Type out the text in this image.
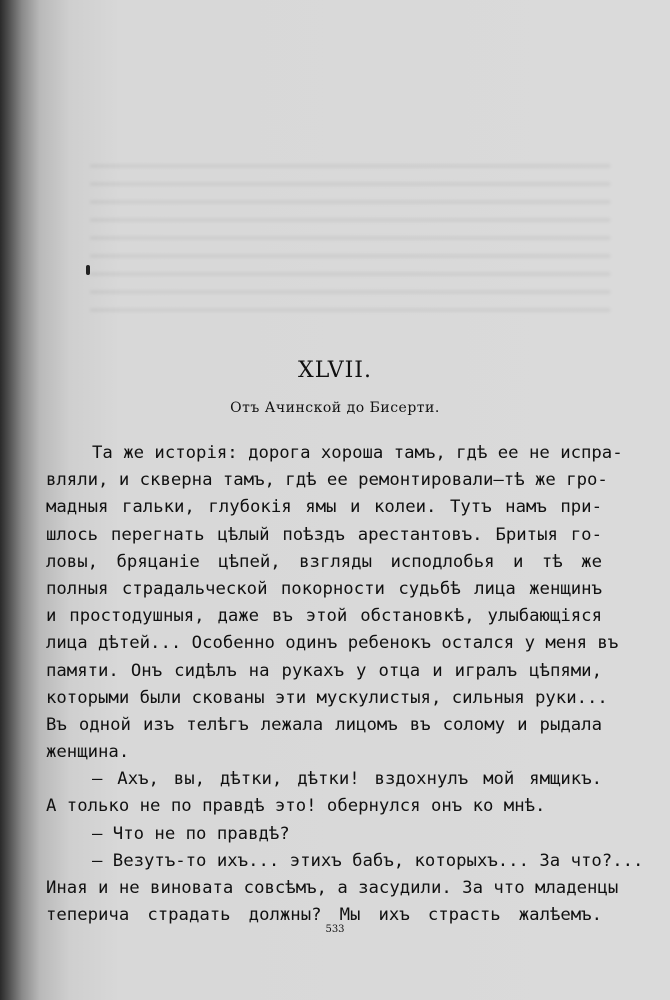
XLVII.
Отъ Ачинской до Бисерти.
Та же исторія: дорога хороша тамъ, гдѣ ее не испра-
вляли, и скверна тамъ, гдѣ ее ремонтировали—тѣ же гро-
мадныя гальки, глубокія ямы и колеи. Тутъ намъ при-
шлось перегнать цѣлый поѣздъ арестантовъ. Бритыя го-
ловы, бряцаніе цѣпей, взгляды исподлобья и тѣ же
полныя страдальческой покорности судьбѣ лица женщинъ
и простодушныя, даже въ этой обстановкѣ, улыбающіяся
лица дѣтей... Особенно одинъ ребенокъ остался у меня въ
памяти. Онъ сидѣлъ на рукахъ у отца и игралъ цѣпями,
которыми были скованы эти мускулистыя, сильныя руки...
Въ одной изъ телѣгъ лежала лицомъ въ солому и рыдала
женщина.
— Ахъ, вы, дѣтки, дѣтки! вздохнулъ мой ямщикъ.
А только не по правдѣ это! обернулся онъ ко мнѣ.
— Что не по правдѣ?
— Везутъ-то ихъ... этихъ бабъ, которыхъ... За что?...
Иная и не виновата совсѣмъ, а засудили. За что младенцы
теперича страдать должны? Мы ихъ страсть жалѣемъ.
533
